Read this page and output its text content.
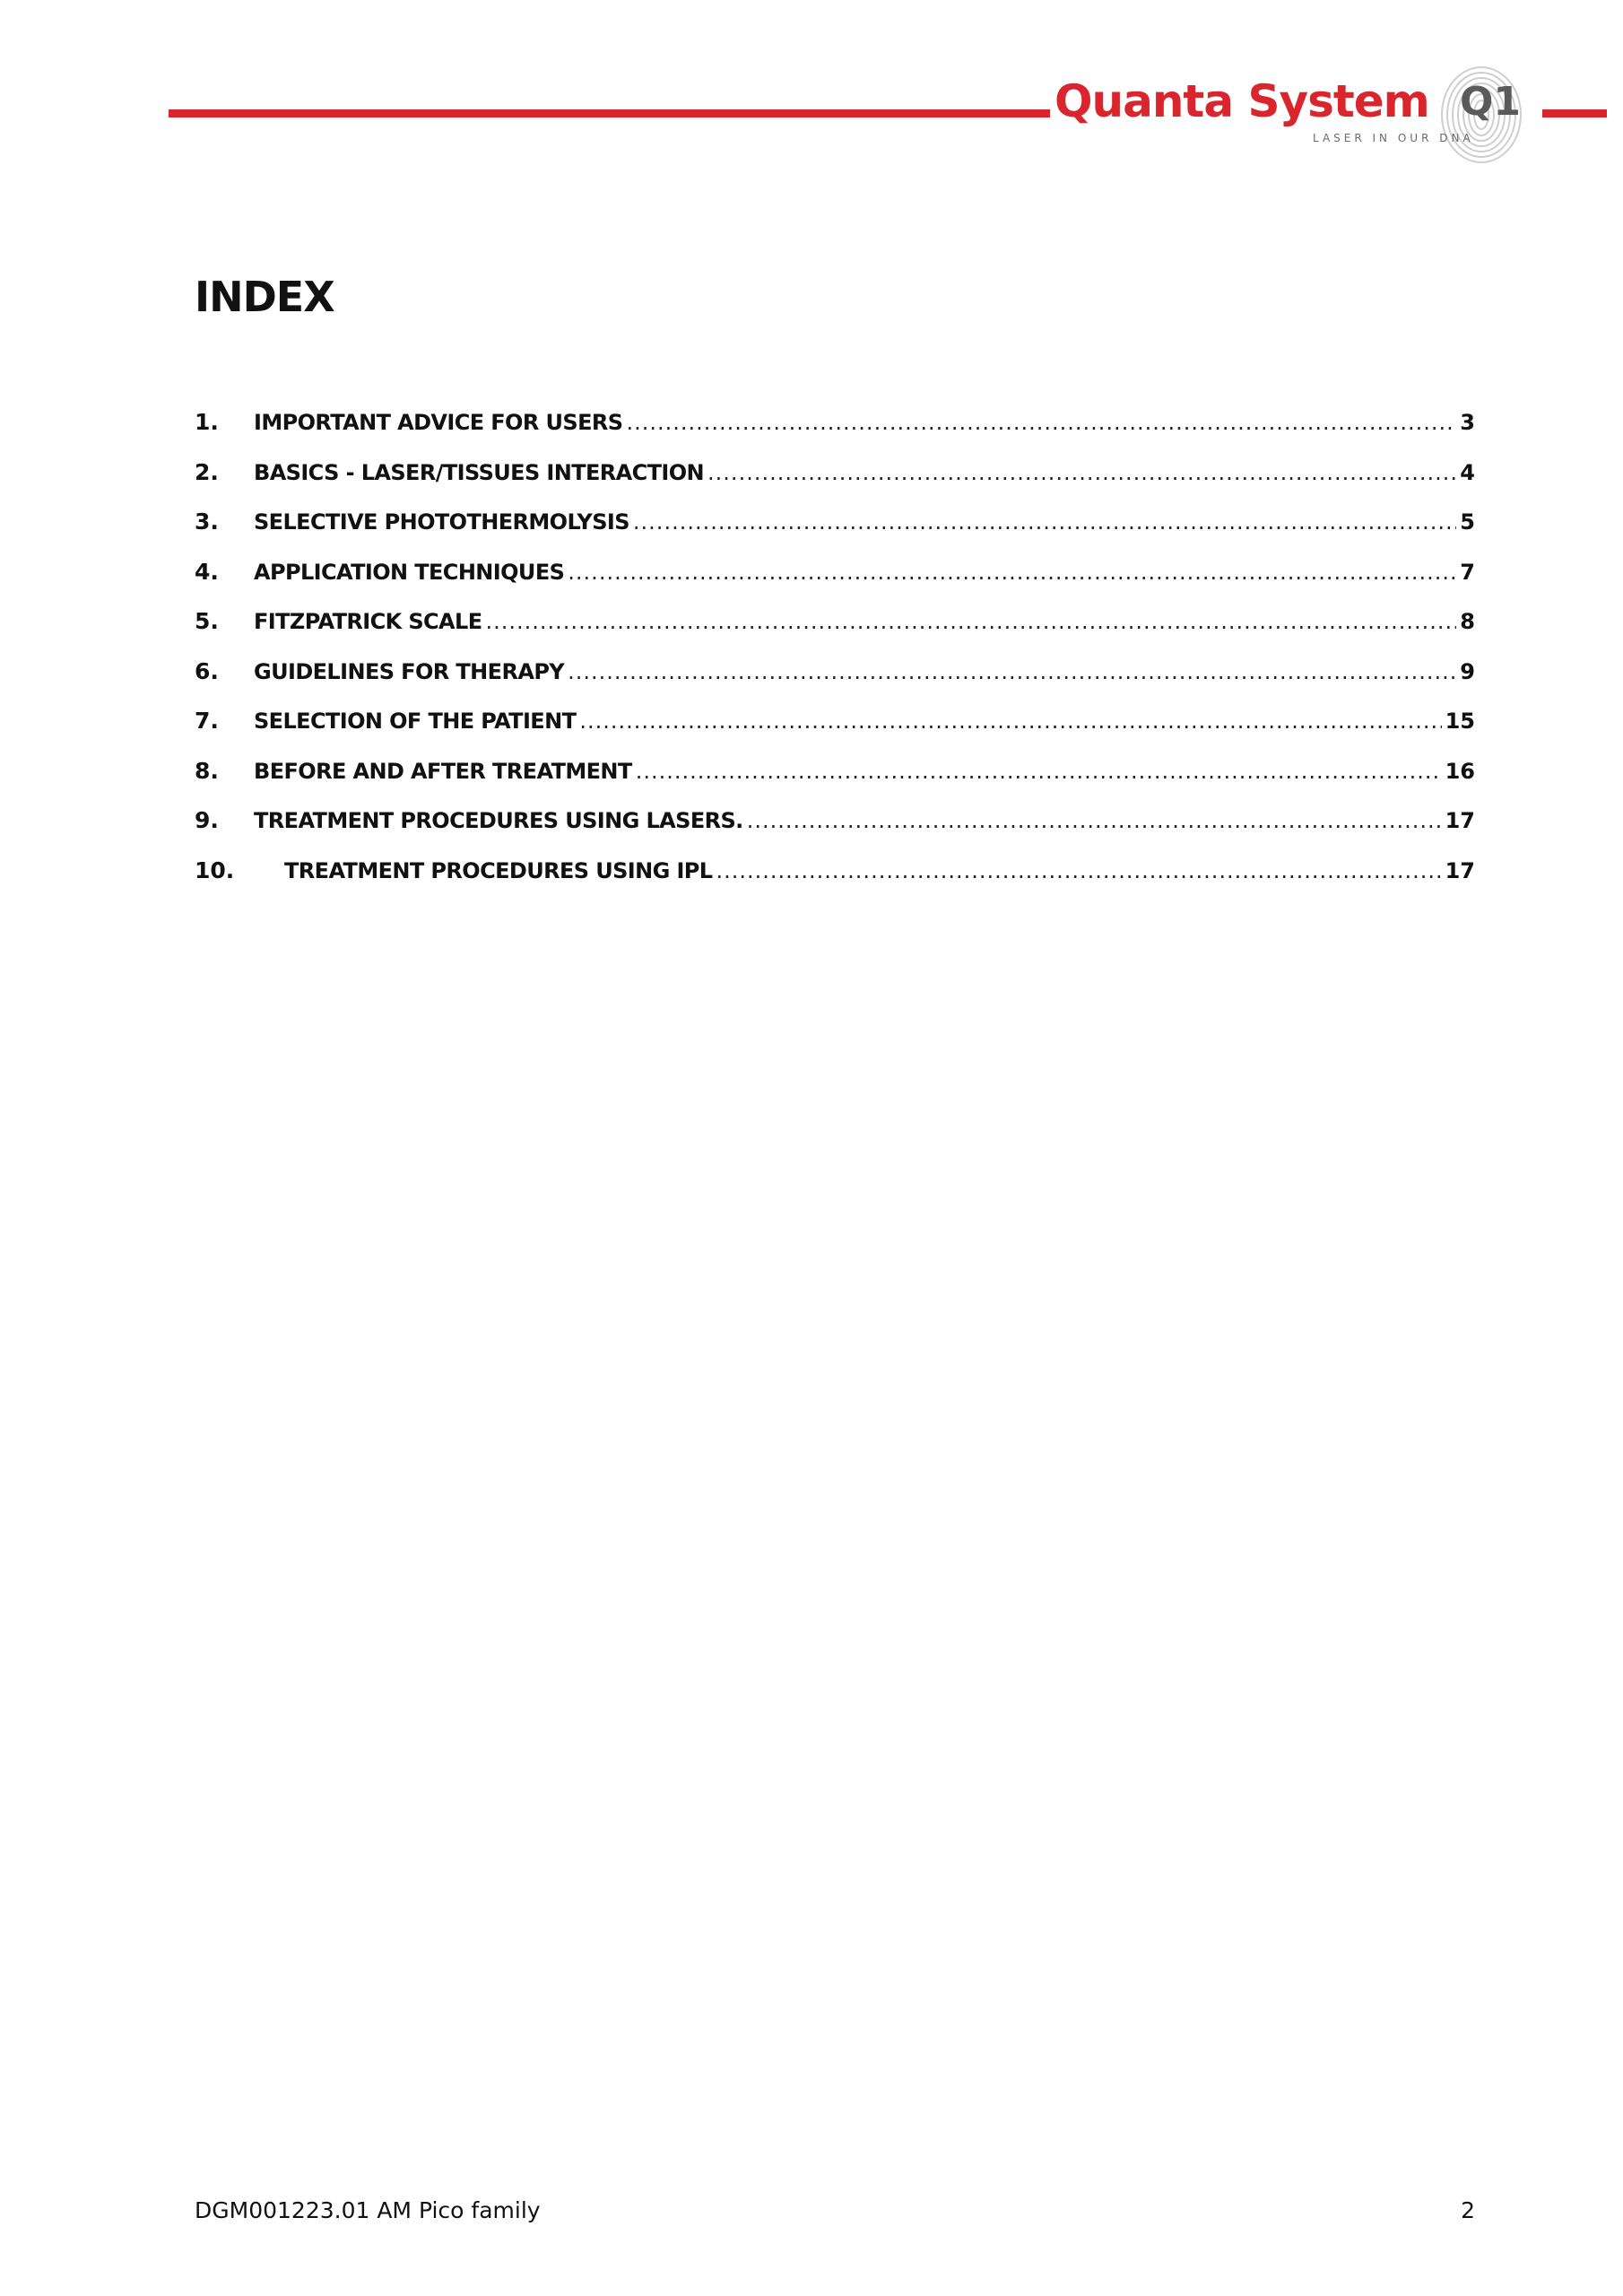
Quanta System Q1
LASER IN OUR DNA
INDEX
1.	IMPORTANT ADVICE FOR USERS .....	3
2.	BASICS - LASER/TISSUES INTERACTION .....	4
3.	SELECTIVE PHOTOTHERMOLYSIS .....	5
4.	APPLICATION TECHNIQUES .....	7
5.	FITZPATRICK SCALE .....	8
6.	GUIDELINES FOR THERAPY .....	9
7.	SELECTION OF THE PATIENT .....	15
8.	BEFORE AND AFTER TREATMENT .....	16
9.	TREATMENT PROCEDURES USING LASERS. .....	17
10.	TREATMENT PROCEDURES USING IPL .....	17
DGM001223.01 AM Pico family	2
